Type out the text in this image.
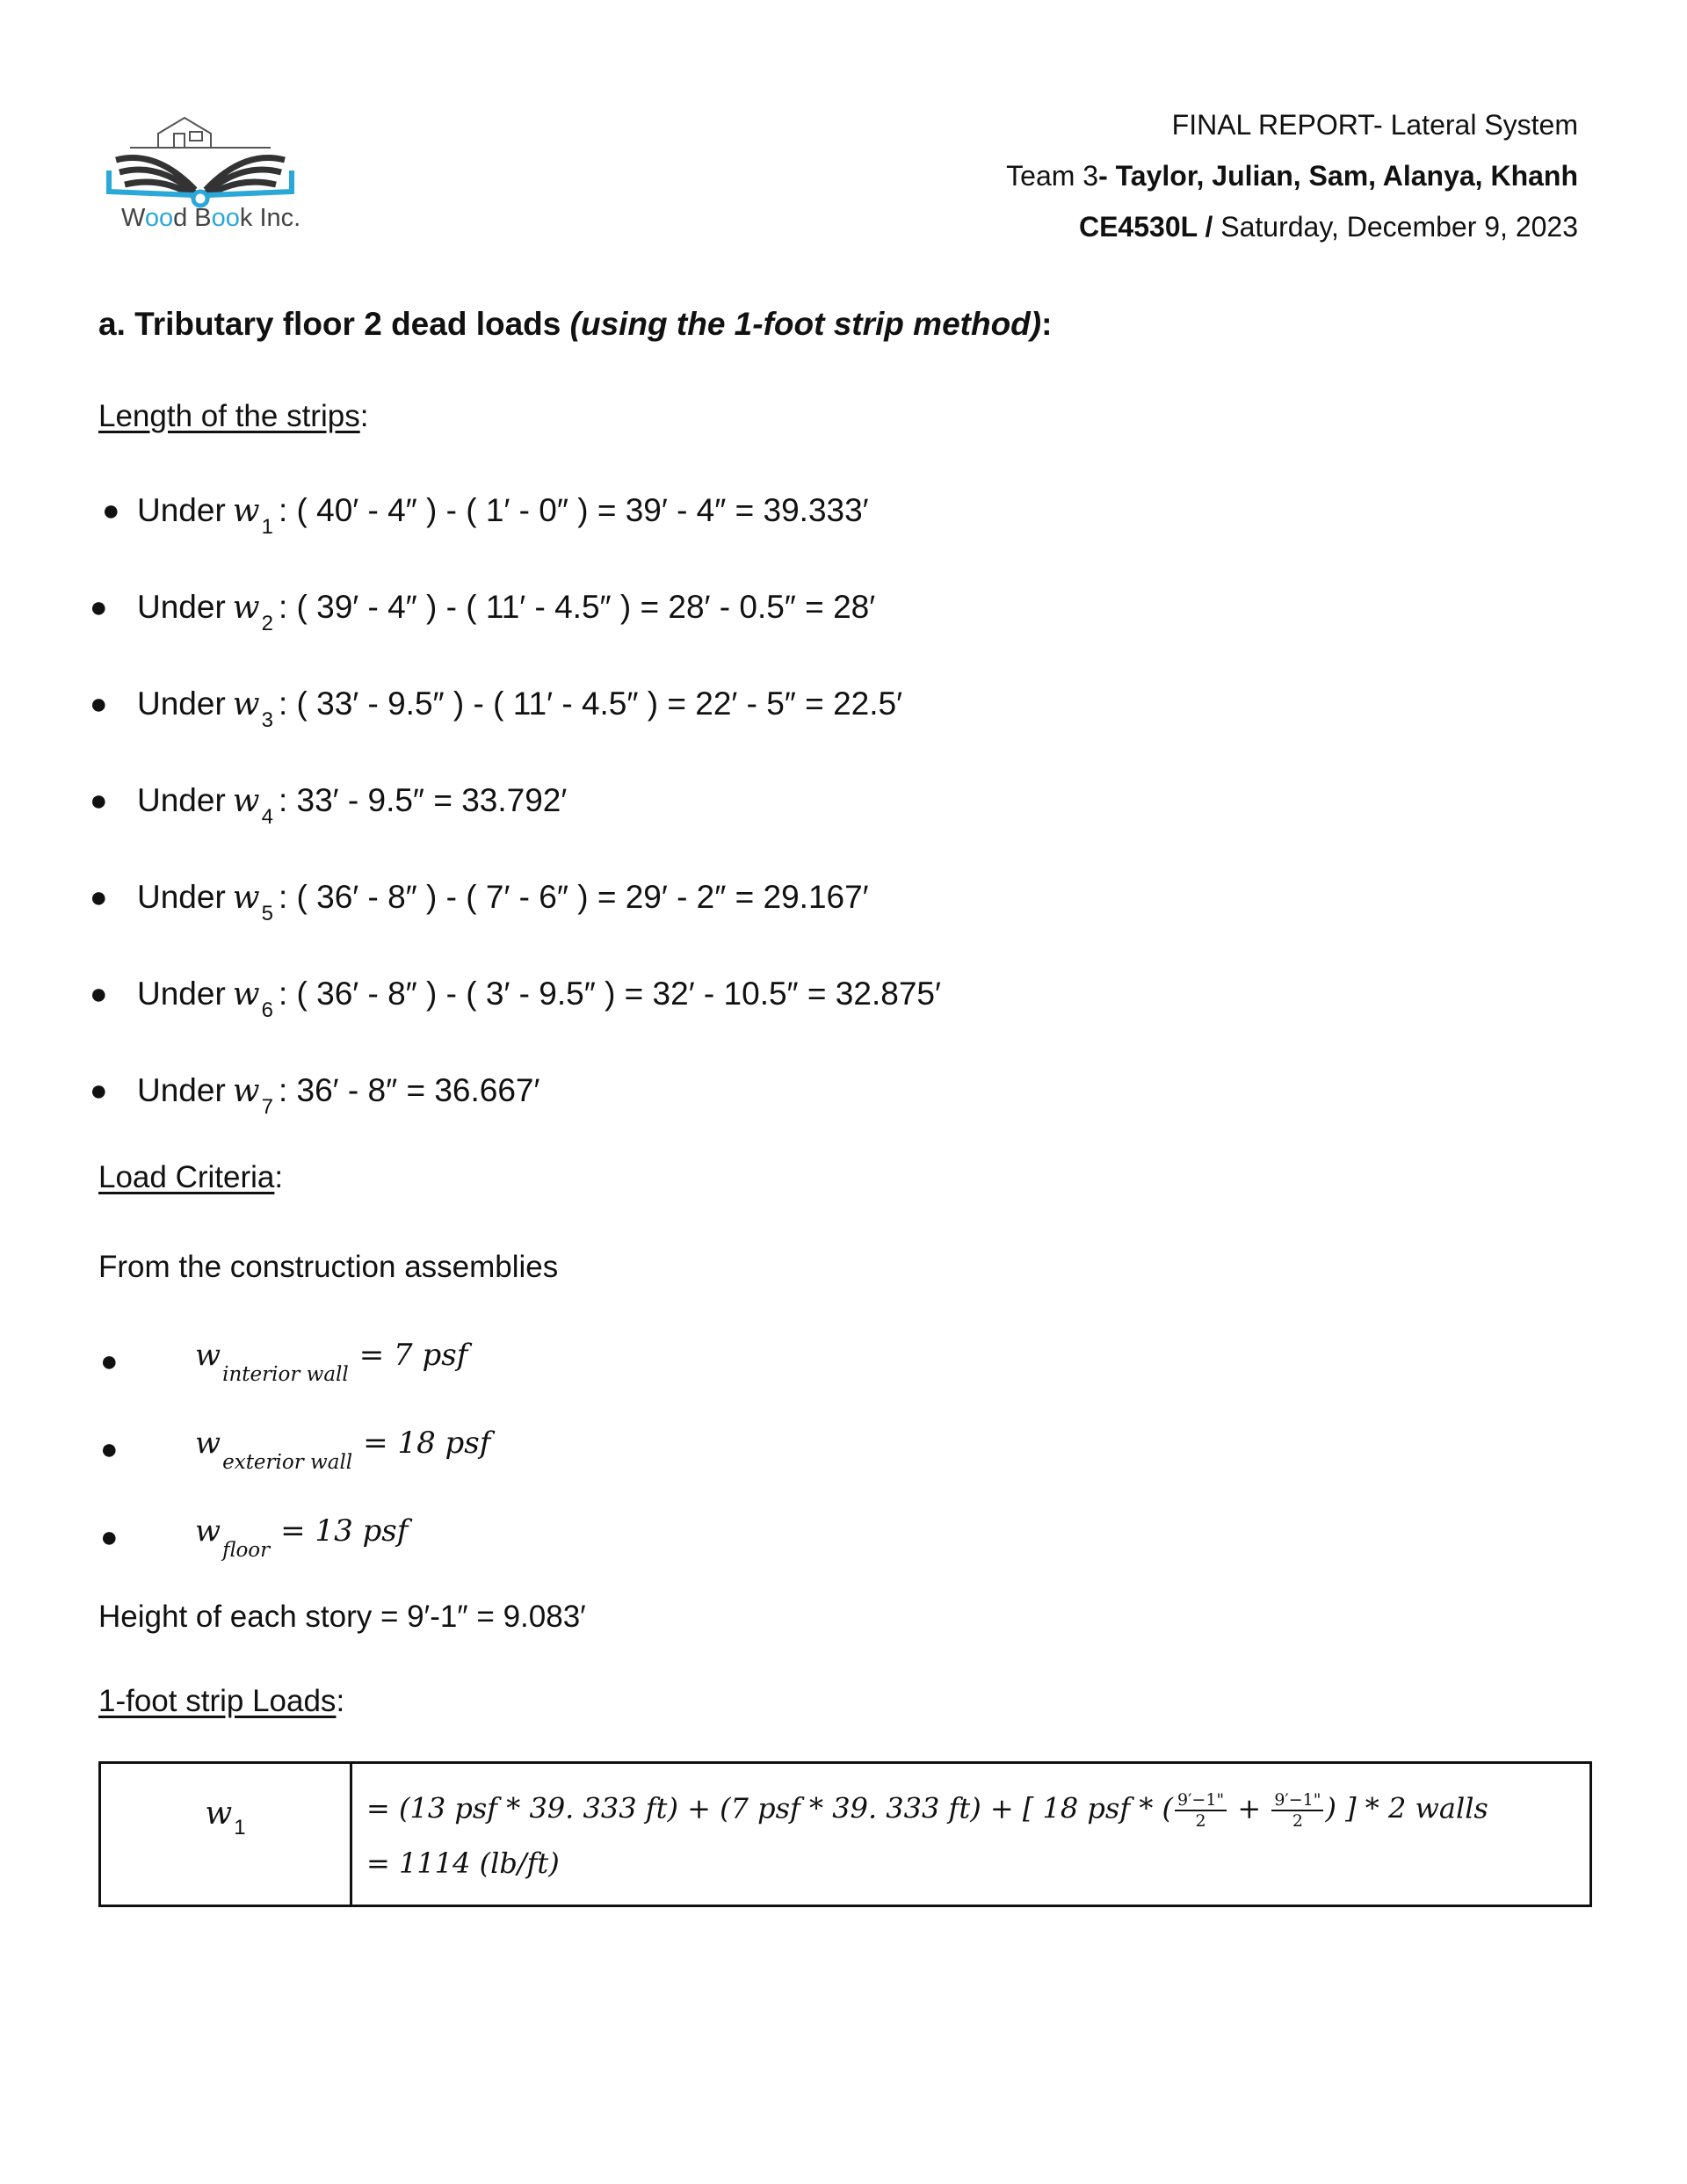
Wood Book Inc.
FINAL REPORT- Lateral System
Team 3- Taylor, Julian, Sam, Alanya, Khanh
CE4530L / Saturday, December 9, 2023
a. Tributary floor 2 dead loads (using the 1-foot strip method):
Length of the strips:
● Under $w_1$ : ( 40′ - 4″ ) - ( 1′ - 0″ ) = 39′ - 4″ = 39.333′
● Under $w_2$ : ( 39′ - 4″ ) - ( 11′ - 4.5″ ) = 28′ - 0.5″ = 28′
● Under $w_3$ : ( 33′ - 9.5″ ) - ( 11′ - 4.5″ ) = 22′ - 5″ = 22.5′
● Under $w_4$ : 33′ - 9.5″ = 33.792′
● Under $w_5$ : ( 36′ - 8″ ) - ( 7′ - 6″ ) = 29′ - 2″ = 29.167′
● Under $w_6$ : ( 36′ - 8″ ) - ( 3′ - 9.5″ ) = 32′ - 10.5″ = 32.875′
● Under $w_7$ : 36′ - 8″ = 36.667′
Load Criteria:
From the construction assemblies
●	$w_{interior wall}= 7$ psf
●	$w_{exterior wall}= 18$ psf
●	$w_{floor}= 13$ psf
Height of each story = 9′-1″ = 9.083′
1-foot strip Loads:
$w_1$	
= (13 psf * 39. 333 ft) + (7 psf * 39. 333 ft) + [ 18 psf * ( $\frac{9'-1"}{2} + \frac{9'-1"}{2}$ ) ] * 2 walls
= 1114 (lb/ft)
